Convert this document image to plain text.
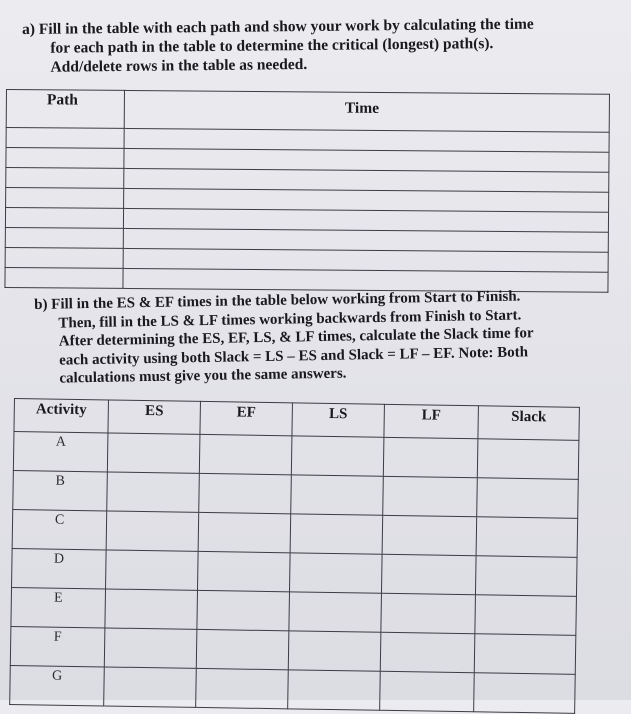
a) Fill in the table with each path and show your work by calculating the time
for each path in the table to determine the critical (longest) path(s).
Add/delete rows in the table as needed.
Path	Time

b) Fill in the ES & EF times in the table below working from Start to Finish.
Then, fill in the LS & LF times working backwards from Finish to Start.
After determining the ES, EF, LS, & LF times, calculate the Slack time for
each activity using both Slack = LS – ES and Slack = LF – EF. Note: Both
calculations must give you the same answers.
Activity	ES	EF	LS	LF	Slack
A					
B					
C					
D					
E					
F					
G					
